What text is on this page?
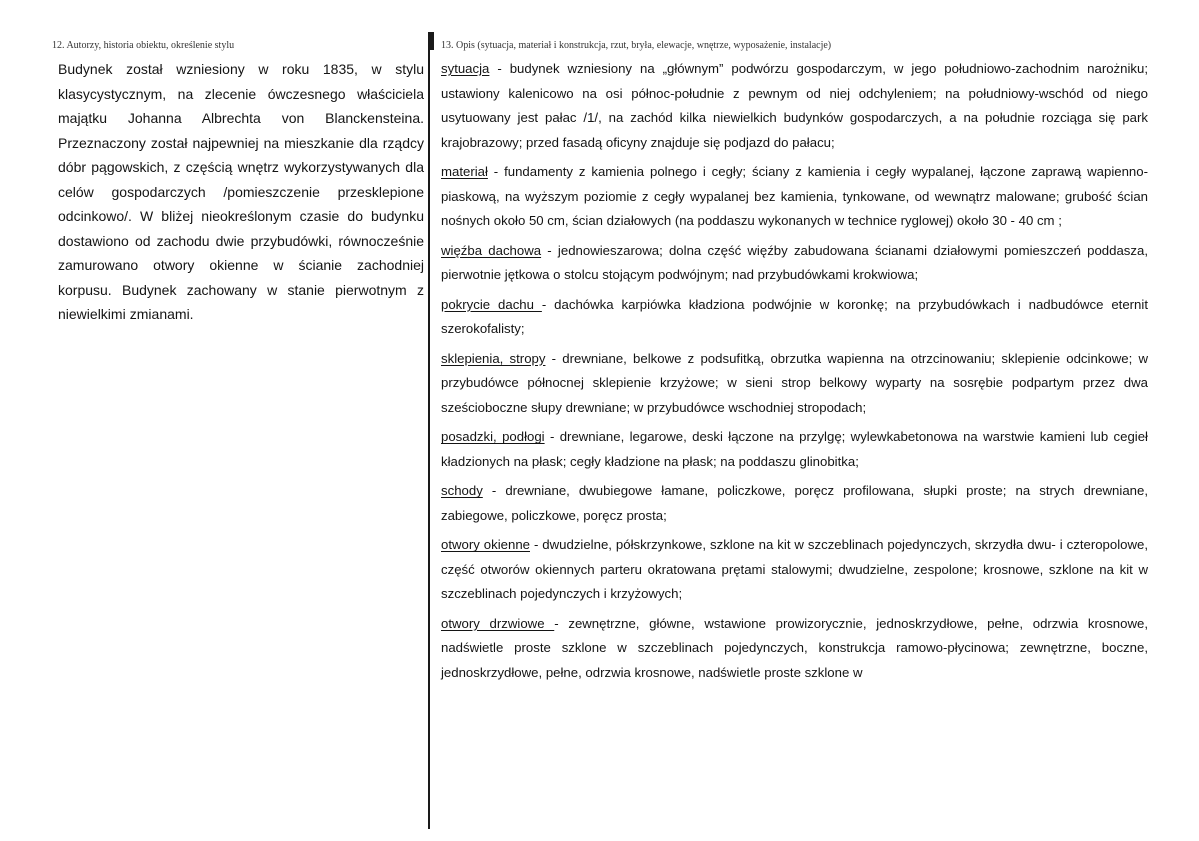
12. Autorzy, historia obiektu, określenie stylu

Budynek został wzniesiony w roku 1835, w stylu klasycystycznym, na zlecenie ówczesnego właściciela majątku Johanna Albrechta von Blanckensteina. Przeznaczony został najpewniej na mieszkanie dla rządcy dóbr pągowskich, z częścią wnętrz wykorzystywanych dla celów gospodarczych /pomieszczenie przesklepione odcinkowo/. W bliżej nieokreślonym czasie do budynku dostawiono od zachodu dwie przybudówki, równocześnie zamurowano otwory okienne w ścianie zachodniej korpusu. Budynek zachowany w stanie pierwotnym z niewielkimi zmianami.

13. Opis (sytuacja, materiał i konstrukcja, rzut, bryła, elewacje, wnętrze, wyposażenie, instalacje)

sytuacja - budynek wzniesiony na „głównym” podwórzu gospodarczym, w jego południowo-zachodnim narożniku; ustawiony kalenicowo na osi północ-południe z pewnym od niej odchyleniem; na południowy-wschód od niego usytuowany jest pałac /1/, na zachód kilka niewielkich budynków gospodarczych, a na południe rozciąga się park krajobrazowy; przed fasadą oficyny znajduje się podjazd do pałacu;

materiał - fundamenty z kamienia polnego i cegły; ściany z kamienia i cegły wypalanej, łączone zaprawą wapienno-piaskową, na wyższym poziomie z cegły wypalanej bez kamienia, tynkowane, od wewnątrz malowane; grubość ścian nośnych około 50 cm, ścian działowych (na poddaszu wykonanych w technice ryglowej) około 30 - 40 cm ;

więźba dachowa - jednowieszarowa; dolna część więźby zabudowana ścianami działowymi pomieszczeń poddasza, pierwotnie jętkowa o stolcu stojącym podwójnym; nad przybudówkami krokwiowa;

pokrycie dachu - dachówka karpiówka kładziona podwójnie w koronkę; na przybudówkach i nadbudówce eternit szerokofalisty;

sklepienia, stropy - drewniane, belkowe z podsufitką, obrzutka wapienna na otrzcinowaniu; sklepienie odcinkowe; w przybudówce północnej sklepienie krzyżowe; w sieni strop belkowy wyparty na sosrębie podpartym przez dwa sześcioboczne słupy drewniane; w przybudówce wschodniej stropodach;

posadzki, podłogi - drewniane, legarowe, deski łączone na przylgę; wylewkabetonowa na warstwie kamieni lub cegieł kładzionych na płask; cegły kładzione na płask; na poddaszu glinobitka;

schody - drewniane, dwubiegowe łamane, policzkowe, poręcz profilowana, słupki proste; na strych drewniane, zabiegowe, policzkowe, poręcz prosta;

otwory okienne - dwudzielne, półskrzynkowe, szklone na kit w szczeblinach pojedynczych, skrzydła dwu- i czteropolowe, część otworów okiennych parteru okratowana prętami stalowymi; dwudzielne, zespolone; krosnowe, szklone na kit w szczeblinach pojedynczych i krzyżowych;

otwory drzwiowe - zewnętrzne, główne, wstawione prowizorycznie, jednoskrzydłowe, pełne, odrzwia krosnowe, nadświetle proste szklone w szczeblinach pojedynczych, konstrukcja ramowo-płycinowa; zewnętrzne, boczne, jednoskrzydłowe, pełne, odrzwia krosnowe, nadświetle proste szklone w
